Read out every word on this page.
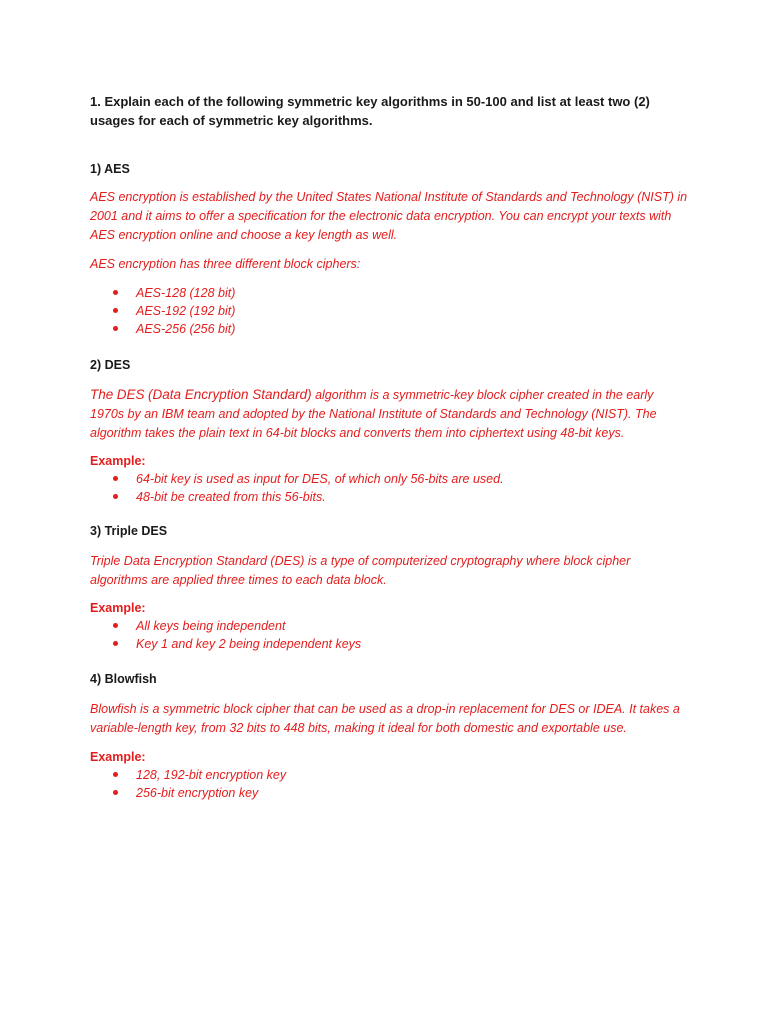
1. Explain each of the following symmetric key algorithms in 50-100 and list at least two (2) usages for each of symmetric key algorithms.
1) AES
AES encryption is established by the United States National Institute of Standards and Technology (NIST) in 2001 and it aims to offer a specification for the electronic data encryption. You can encrypt your texts with AES encryption online and choose a key length as well.
AES encryption has three different block ciphers:
AES-128 (128 bit)
AES-192 (192 bit)
AES-256 (256 bit)
2) DES
The DES (Data Encryption Standard) algorithm is a symmetric-key block cipher created in the early 1970s by an IBM team and adopted by the National Institute of Standards and Technology (NIST). The algorithm takes the plain text in 64-bit blocks and converts them into ciphertext using 48-bit keys.
Example:
64-bit key is used as input for DES, of which only 56-bits are used.
48-bit be created from this 56-bits.
3) Triple DES
Triple Data Encryption Standard (DES) is a type of computerized cryptography where block cipher algorithms are applied three times to each data block.
Example:
All keys being independent
Key 1 and key 2 being independent keys
4) Blowfish
Blowfish is a symmetric block cipher that can be used as a drop-in replacement for DES or IDEA. It takes a variable-length key, from 32 bits to 448 bits, making it ideal for both domestic and exportable use.
Example:
128, 192-bit encryption key
256-bit encryption key
